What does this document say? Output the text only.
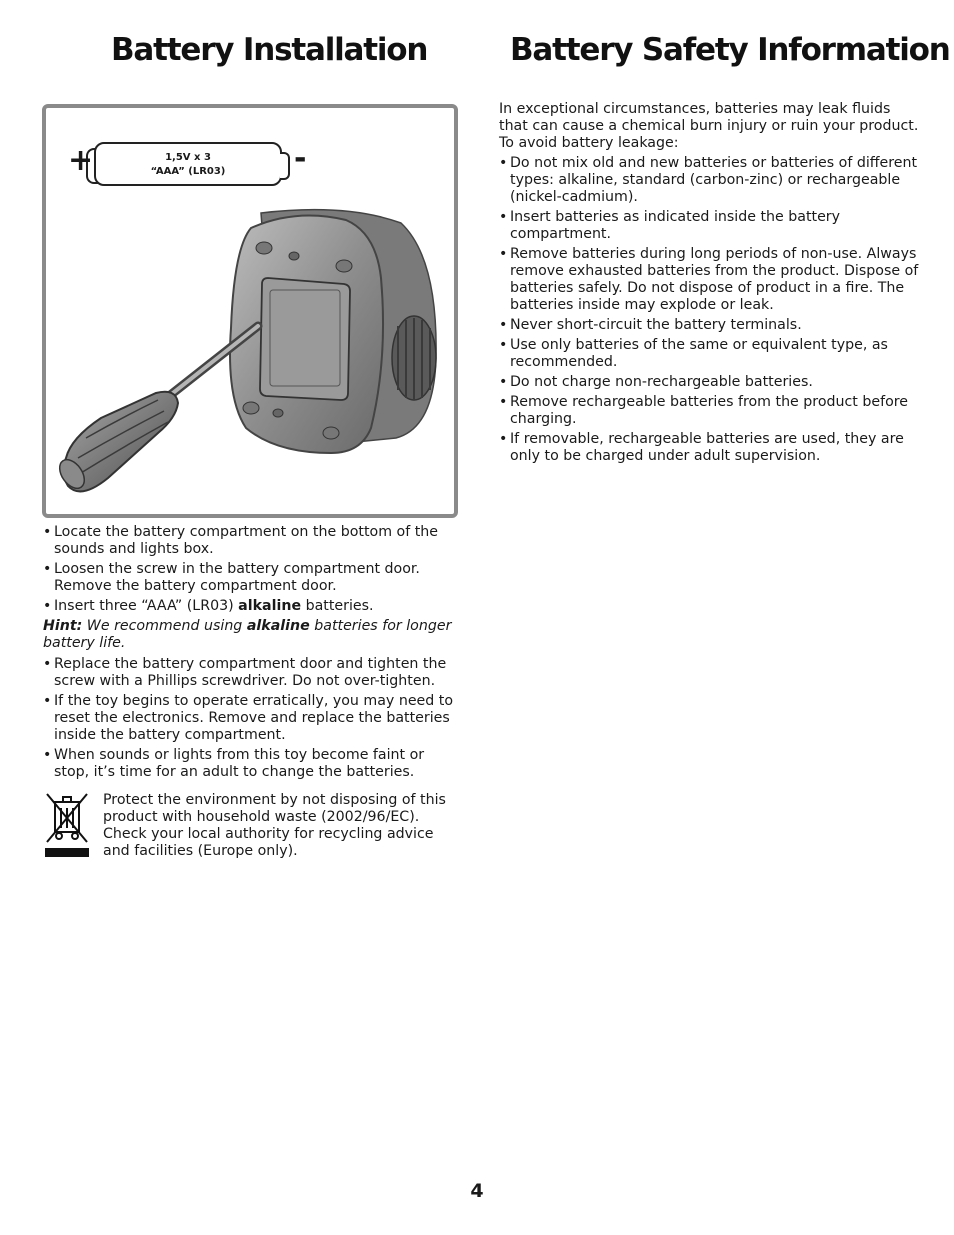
Battery Installation	Battery Safety Information
1,5V x 3
“AAA” (LR03)
+	-
• Locate the battery compartment on the bottom of the sounds and lights box.
• Loosen the screw in the battery compartment door. Remove the battery compartment door.
• Insert three “AAA” (LR03) alkaline batteries.

Hint: We recommend using alkaline batteries for longer battery life.

• Replace the battery compartment door and tighten the screw with a Phillips screwdriver. Do not over-tighten.
• If the toy begins to operate erratically, you may need to reset the electronics. Remove and replace the batteries inside the battery compartment.
• When sounds or lights from this toy become faint or stop, it’s time for an adult to change the batteries.
Protect the environment by not disposing of this product with household waste (2002/96/EC). Check your local authority for recycling advice and facilities (Europe only).

In exceptional circumstances, batteries may leak fluids that can cause a chemical burn injury or ruin your product. To avoid battery leakage:

• Do not mix old and new batteries or batteries of different types: alkaline, standard (carbon-zinc) or rechargeable (nickel-cadmium).
• Insert batteries as indicated inside the battery compartment.
• Remove batteries during long periods of non-use. Always remove exhausted batteries from the product. Dispose of batteries safely. Do not dispose of product in a fire. The batteries inside may explode or leak.
• Never short-circuit the battery terminals.
• Use only batteries of the same or equivalent type, as recommended.
• Do not charge non-rechargeable batteries.
• Remove rechargeable batteries from the product before charging.
• If removable, rechargeable batteries are used, they are only to be charged under adult supervision.
4
